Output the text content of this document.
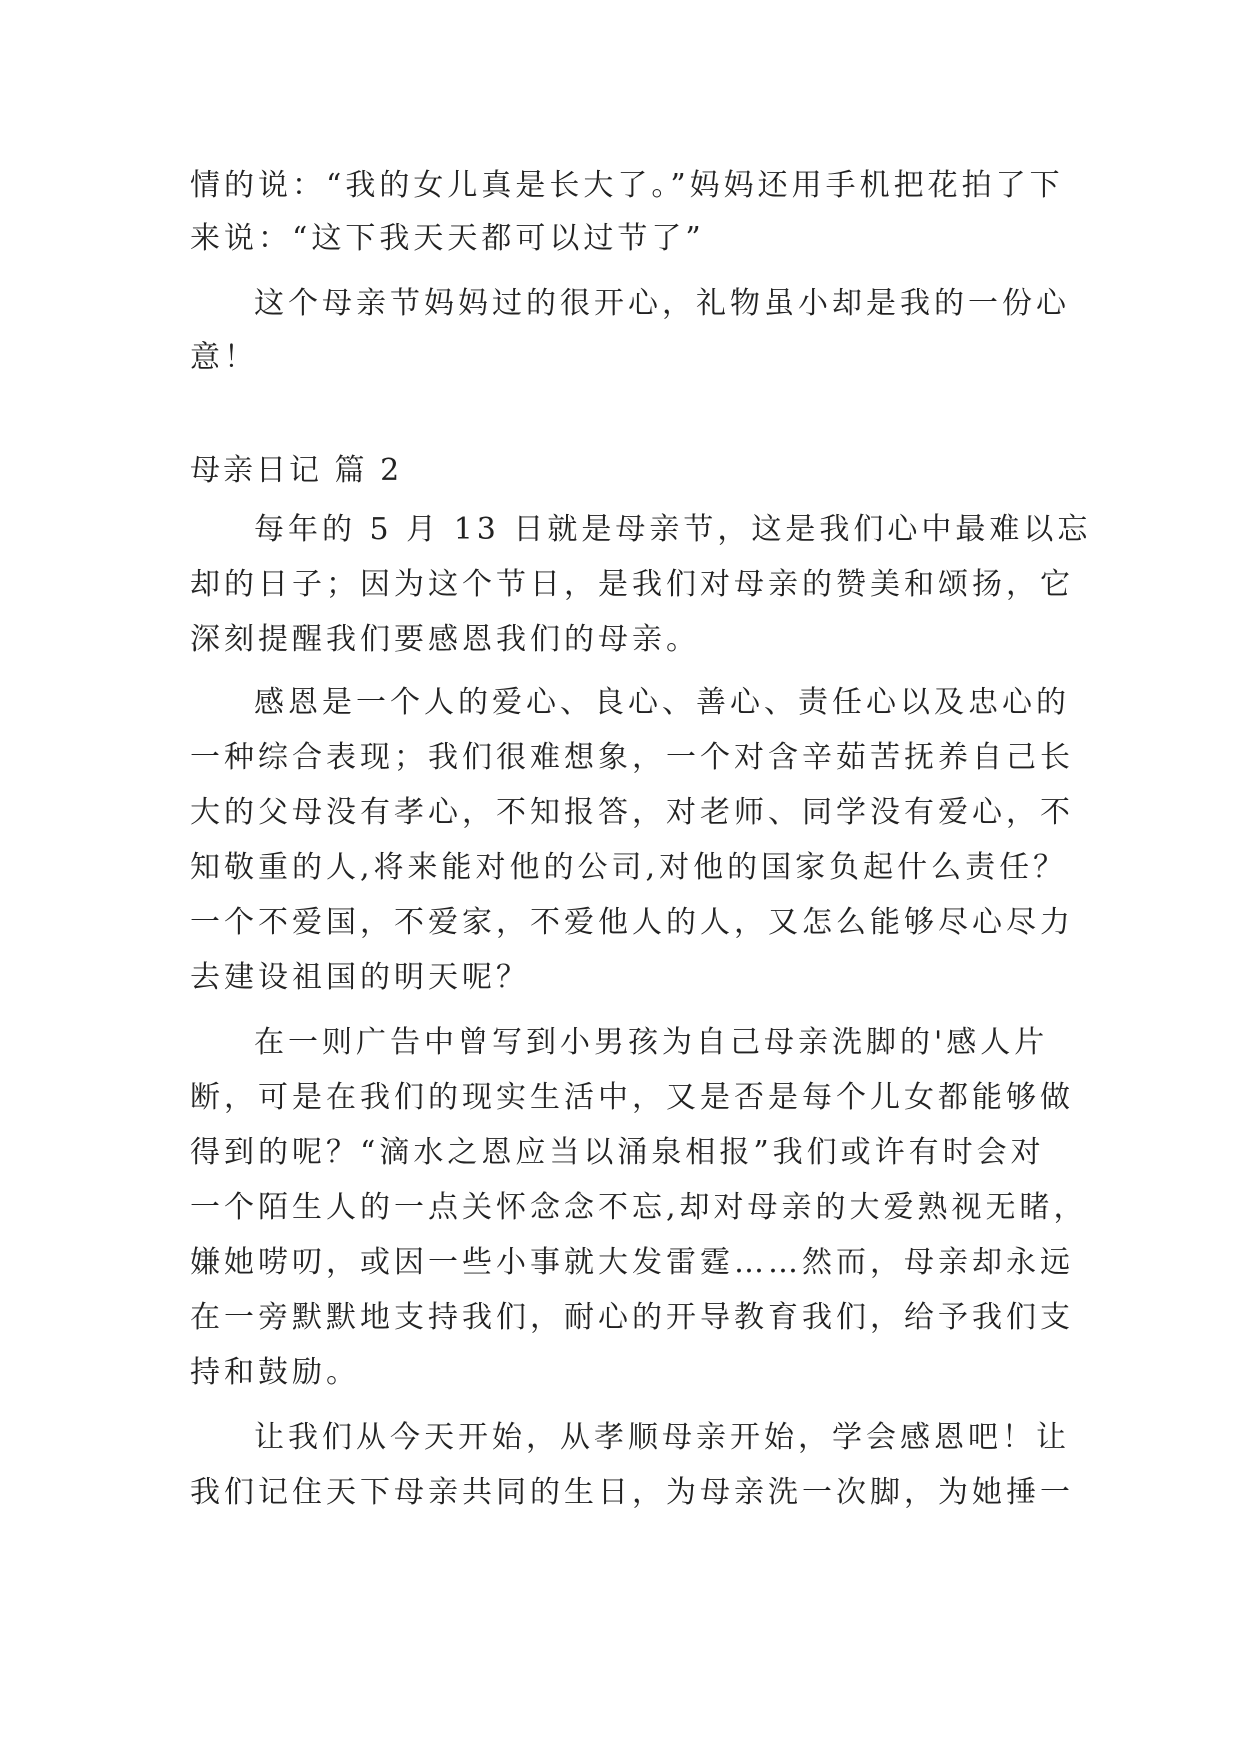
情的说：“我的女儿真是长大了。”妈妈还用手机把花拍了下
来说：“这下我天天都可以过节了”
这个母亲节妈妈过的很开心，礼物虽小却是我的一份心
意！
母亲日记 篇 2
每年的 5 月 13 日就是母亲节，这是我们心中最难以忘
却的日子；因为这个节日，是我们对母亲的赞美和颂扬，它
深刻提醒我们要感恩我们的母亲。
感恩是一个人的爱心、良心、善心、责任心以及忠心的
一种综合表现；我们很难想象，一个对含辛茹苦抚养自己长
大的父母没有孝心，不知报答，对老师、同学没有爱心，不
知敬重的人,将来能对他的公司,对他的国家负起什么责任？
一个不爱国，不爱家，不爱他人的人，又怎么能够尽心尽力
去建设祖国的明天呢？
在一则广告中曾写到小男孩为自己母亲洗脚的'感人片
断，可是在我们的现实生活中，又是否是每个儿女都能够做
得到的呢？“滴水之恩应当以涌泉相报”我们或许有时会对
一个陌生人的一点关怀念念不忘,却对母亲的大爱熟视无睹，
嫌她唠叨，或因一些小事就大发雷霆……然而，母亲却永远
在一旁默默地支持我们，耐心的开导教育我们，给予我们支
持和鼓励。
让我们从今天开始，从孝顺母亲开始，学会感恩吧！让
我们记住天下母亲共同的生日，为母亲洗一次脚，为她捶一
